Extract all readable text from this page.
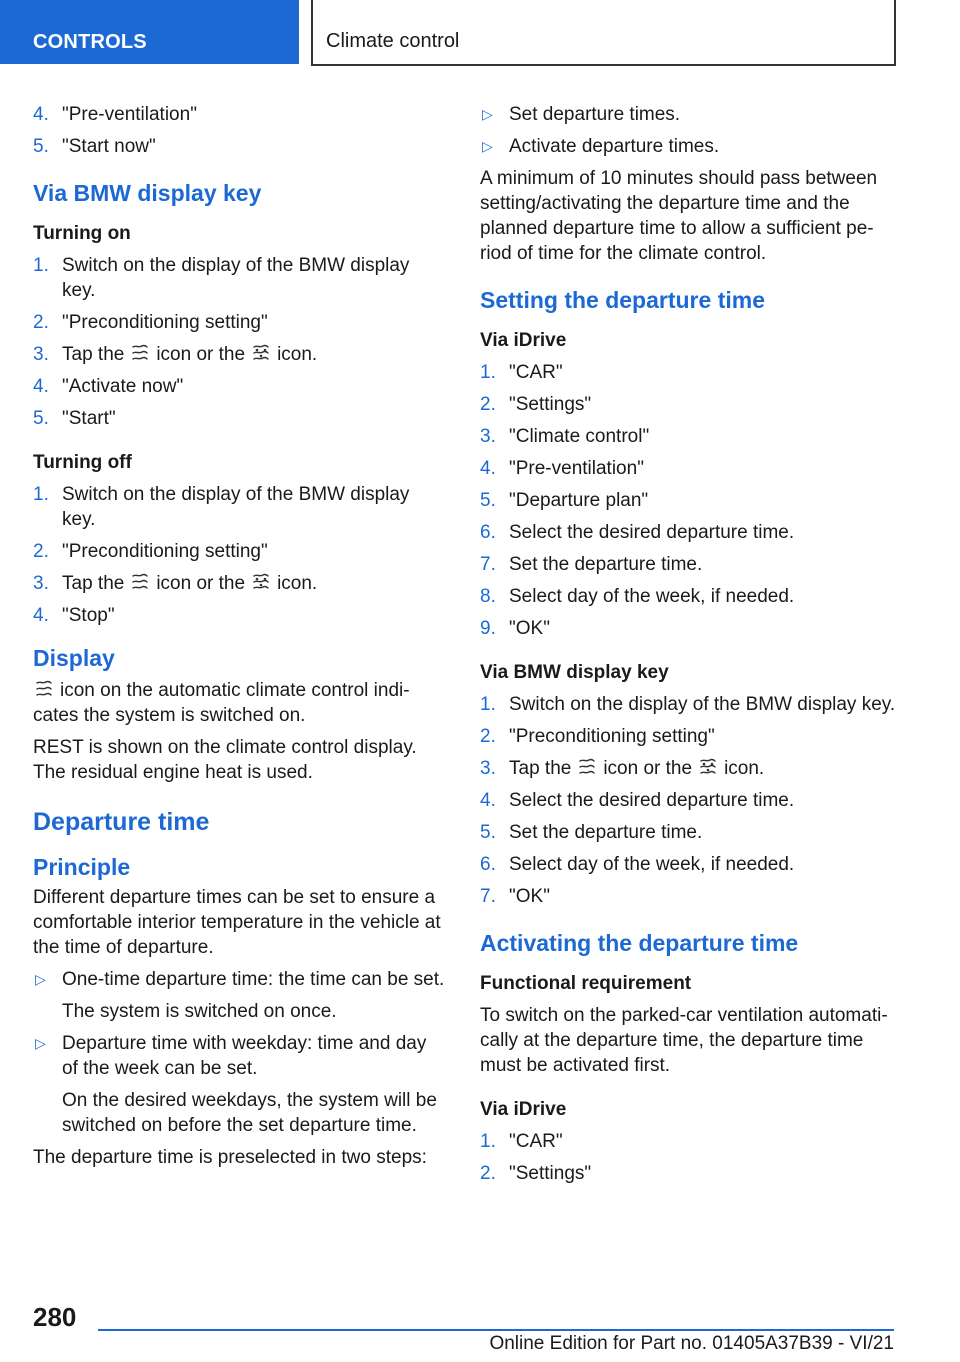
CONTROLS	Climate control
4. "Pre-ventilation"
5. "Start now"
Via BMW display key
Turning on
1. Switch on the display of the BMW display key.
2. "Preconditioning setting"
3. Tap the icon or the icon.
4. "Activate now"
5. "Start"
Turning off
1. Switch on the display of the BMW display key.
2. "Preconditioning setting"
3. Tap the icon or the icon.
4. "Stop"
Display
icon on the automatic climate control indi-cates the system is switched on.
REST is shown on the climate control display. The residual engine heat is used.
Departure time
Principle
Different departure times can be set to ensure a comfortable interior temperature in the vehicle at the time of departure.
▷ One-time departure time: the time can be set.
The system is switched on once.
▷ Departure time with weekday: time and day of the week can be set.
On the desired weekdays, the system will be switched on before the set departure time.
The departure time is preselected in two steps:
▷ Set departure times.
▷ Activate departure times.
A minimum of 10 minutes should pass between setting/activating the departure time and the planned departure time to allow a sufficient pe-riod of time for the climate control.
Setting the departure time
Via iDrive
1. "CAR"
2. "Settings"
3. "Climate control"
4. "Pre-ventilation"
5. "Departure plan"
6. Select the desired departure time.
7. Set the departure time.
8. Select day of the week, if needed.
9. "OK"
Via BMW display key
1. Switch on the display of the BMW display key.
2. "Preconditioning setting"
3. Tap the icon or the icon.
4. Select the desired departure time.
5. Set the departure time.
6. Select day of the week, if needed.
7. "OK"
Activating the departure time
Functional requirement
To switch on the parked-car ventilation automati-cally at the departure time, the departure time must be activated first.
Via iDrive
1. "CAR"
2. "Settings"
280
Online Edition for Part no. 01405A37B39 - VI/21
